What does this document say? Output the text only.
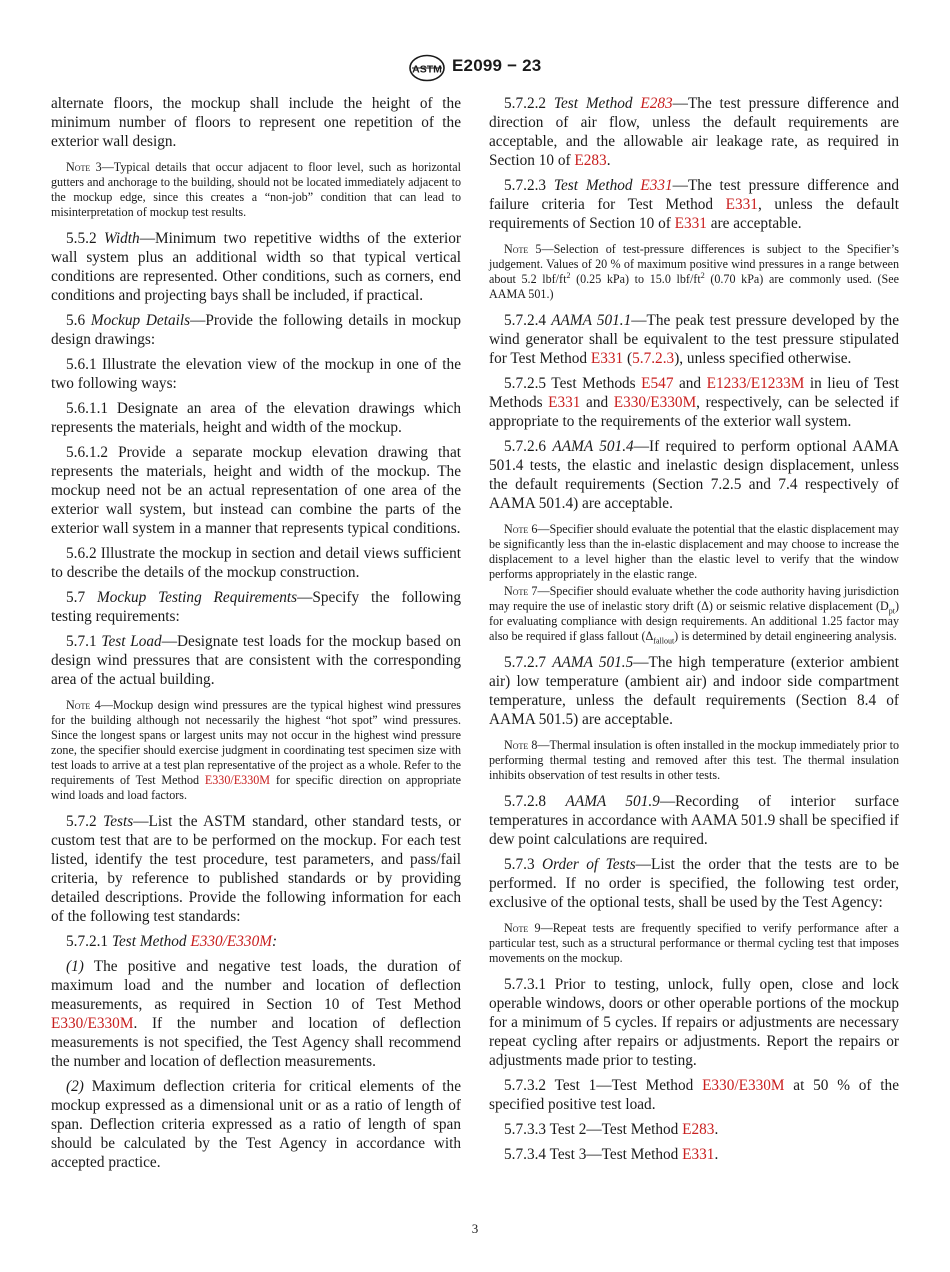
ASTM E2099 − 23

alternate floors, the mockup shall include the height of the minimum number of floors to represent one repetition of the exterior wall design.

Note 3—Typical details that occur adjacent to floor level, such as horizontal gutters and anchorage to the building, should not be located immediately adjacent to the mockup edge, since this creates a “non-job” condition that can lead to misinterpretation of mockup test results.

5.5.2 Width—Minimum two repetitive widths of the exterior wall system plus an additional width so that typical vertical conditions are represented. Other conditions, such as corners, end conditions and projecting bays shall be included, if practical.

5.6 Mockup Details—Provide the following details in mockup design drawings:

5.6.1 Illustrate the elevation view of the mockup in one of the two following ways:

5.6.1.1 Designate an area of the elevation drawings which represents the materials, height and width of the mockup.

5.6.1.2 Provide a separate mockup elevation drawing that represents the materials, height and width of the mockup. The mockup need not be an actual representation of one area of the exterior wall system, but instead can combine the parts of the exterior wall system in a manner that represents typical conditions.

5.6.2 Illustrate the mockup in section and detail views sufficient to describe the details of the mockup construction.

5.7 Mockup Testing Requirements—Specify the following testing requirements:

5.7.1 Test Load—Designate test loads for the mockup based on design wind pressures that are consistent with the corresponding area of the actual building.

Note 4—Mockup design wind pressures are the typical highest wind pressures for the building although not necessarily the highest “hot spot” wind pressures. Since the longest spans or largest units may not occur in the highest wind pressure zone, the specifier should exercise judgment in coordinating test specimen size with test loads to arrive at a test plan representative of the project as a whole. Refer to the requirements of Test Method E330/E330M for specific direction on appropriate wind loads and load factors.

5.7.2 Tests—List the ASTM standard, other standard tests, or custom test that are to be performed on the mockup. For each test listed, identify the test procedure, test parameters, and pass/fail criteria, by reference to published standards or by providing detailed descriptions. Provide the following information for each of the following test standards:

5.7.2.1 Test Method E330/E330M:

(1) The positive and negative test loads, the duration of maximum load and the number and location of deflection measurements, as required in Section 10 of Test Method E330/E330M. If the number and location of deflection measurements is not specified, the Test Agency shall recommend the number and location of deflection measurements.

(2) Maximum deflection criteria for critical elements of the mockup expressed as a dimensional unit or as a ratio of length of span. Deflection criteria expressed as a ratio of length of span should be calculated by the Test Agency in accordance with accepted practice.

5.7.2.2 Test Method E283—The test pressure difference and direction of air flow, unless the default requirements are acceptable, and the allowable air leakage rate, as required in Section 10 of E283.

5.7.2.3 Test Method E331—The test pressure difference and failure criteria for Test Method E331, unless the default requirements of Section 10 of E331 are acceptable.

Note 5—Selection of test-pressure differences is subject to the Specifier’s judgement. Values of 20 % of maximum positive wind pressures in a range between about 5.2 lbf/$ft^2$ (0.25 kPa) to 15.0 lbf/$ft^2$ (0.70 kPa) are commonly used. (See AAMA 501.)

5.7.2.4 AAMA 501.1—The peak test pressure developed by the wind generator shall be equivalent to the test pressure stipulated for Test Method E331 (5.7.2.3), unless specified otherwise.

5.7.2.5 Test Methods E547 and E1233/E1233M in lieu of Test Methods E331 and E330/E330M, respectively, can be selected if appropriate to the requirements of the exterior wall system.

5.7.2.6 AAMA 501.4—If required to perform optional AAMA 501.4 tests, the elastic and inelastic design displacement, unless the default requirements (Section 7.2.5 and 7.4 respectively of AAMA 501.4) are acceptable.

Note 6—Specifier should evaluate the potential that the elastic displacement may be significantly less than the in-elastic displacement and may choose to increase the displacement to a level higher than the elastic level to verify that the window performs appropriately in the elastic range.

Note 7—Specifier should evaluate whether the code authority having jurisdiction may require the use of inelastic story drift (Δ) or seismic relative displacement $(D_{pt})$ for evaluating compliance with design requirements. An additional 1.25 factor may also be required if glass fallout $(\Delta_{fallout})$ is determined by detail engineering analysis.

5.7.2.7 AAMA 501.5—The high temperature (exterior ambient air) low temperature (ambient air) and indoor side compartment temperature, unless the default requirements (Section 8.4 of AAMA 501.5) are acceptable.

Note 8—Thermal insulation is often installed in the mockup immediately prior to performing thermal testing and removed after this test. The thermal insulation inhibits observation of test results in other tests.

5.7.2.8 AAMA 501.9—Recording of interior surface temperatures in accordance with AAMA 501.9 shall be specified if dew point calculations are required.

5.7.3 Order of Tests—List the order that the tests are to be performed. If no order is specified, the following test order, exclusive of the optional tests, shall be used by the Test Agency:

Note 9—Repeat tests are frequently specified to verify performance after a particular test, such as a structural performance or thermal cycling test that imposes movements on the mockup.

5.7.3.1 Prior to testing, unlock, fully open, close and lock operable windows, doors or other operable portions of the mockup for a minimum of 5 cycles. If repairs or adjustments are necessary repeat cycling after repairs or adjustments. Report the repairs or adjustments made prior to testing.

5.7.3.2 Test 1—Test Method E330/E330M at 50 % of the specified positive test load.

5.7.3.3 Test 2—Test Method E283.

5.7.3.4 Test 3—Test Method E331.

3
